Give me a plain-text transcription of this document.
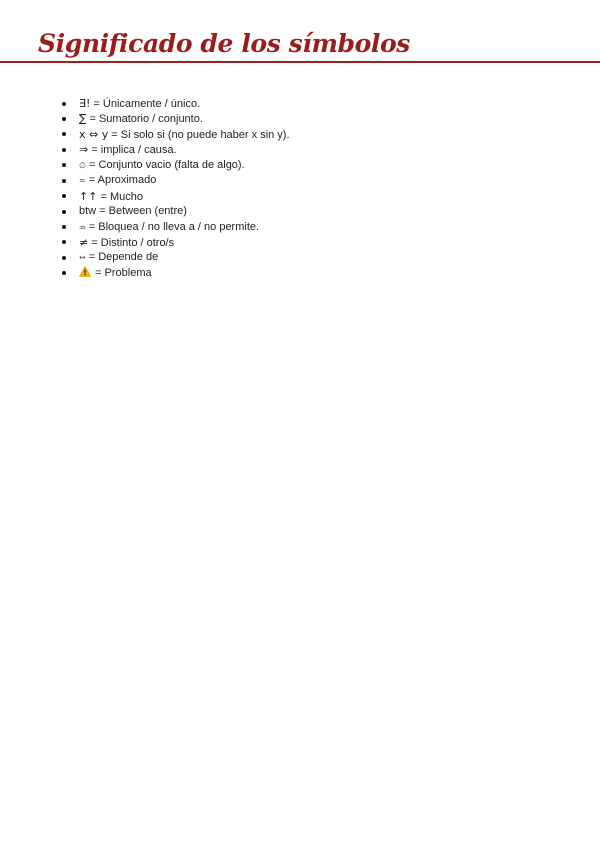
Significado de los símbolos
∃! = Únicamente / único.
∑ = Sumatorio / conjunto.
x ⇔ y = Si solo si (no puede haber x sin y).
⇒ = implica / causa.
∅ = Conjunto vacio (falta de algo).
≈ = Aproximado
↑↑ = Mucho
btw = Between (entre)
⇏ = Bloquea / no lleva a / no permite.
≠ = Distinto / otro/s
↔ = Depende de
= Problema
